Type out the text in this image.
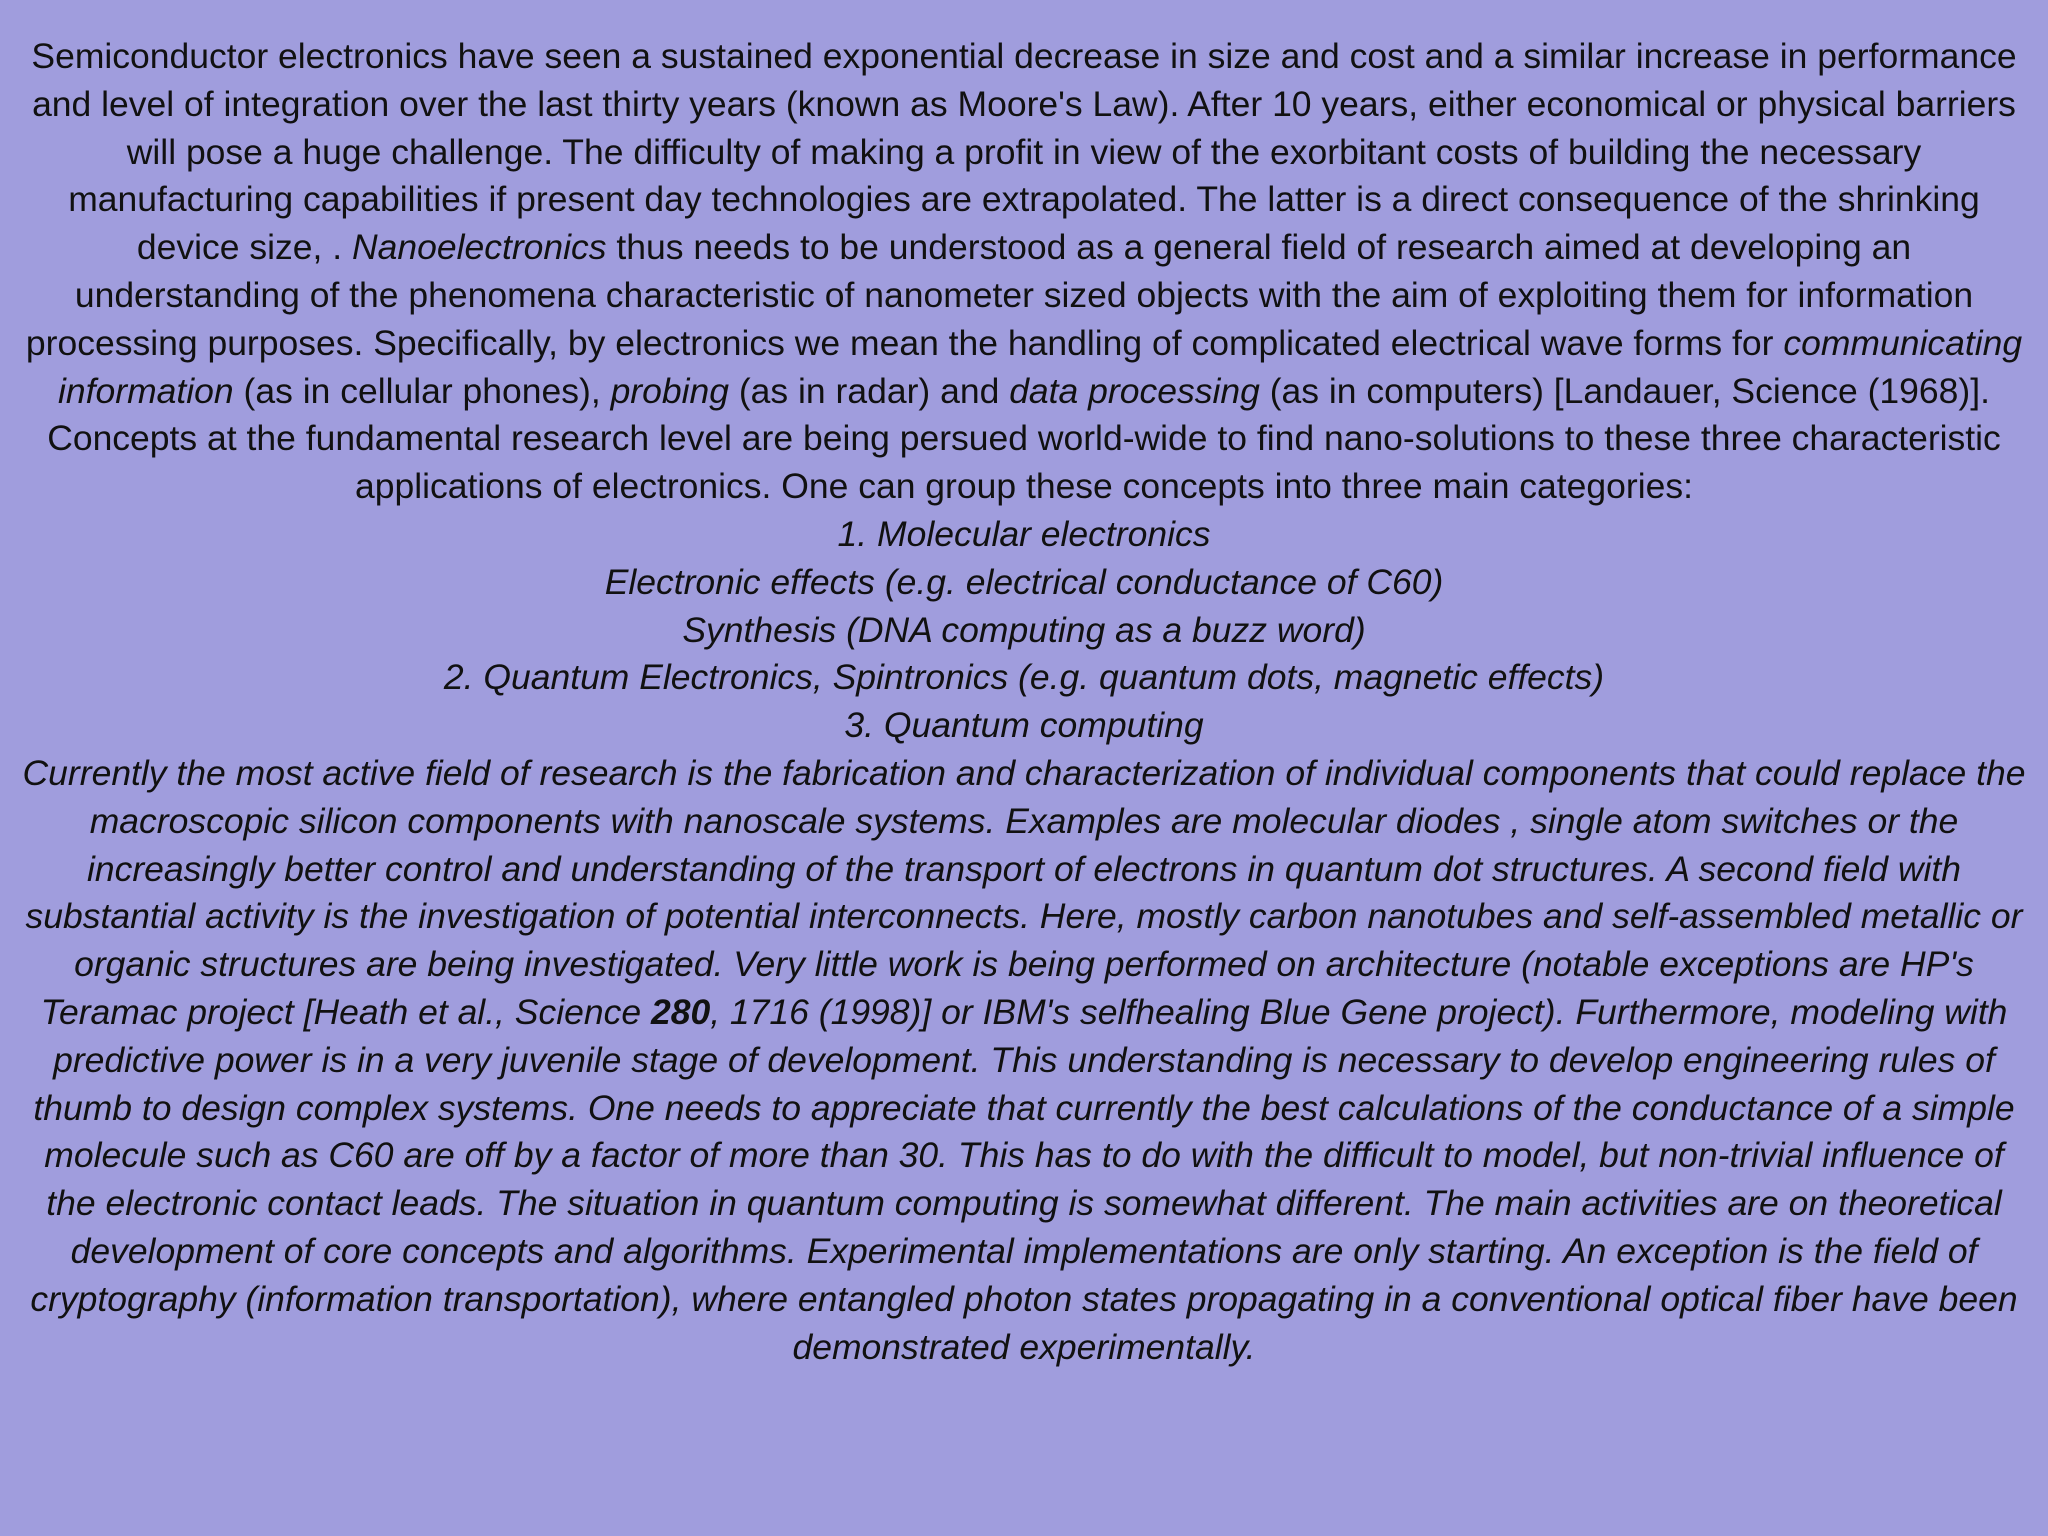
Semiconductor electronics have seen a sustained exponential decrease in size and cost and a similar increase in performance and level of integration over the last thirty years (known as Moore's Law). After 10 years, either economical or physical barriers will pose a huge challenge. The difficulty of making a profit in view of the exorbitant costs of building the necessary manufacturing capabilities if present day technologies are extrapolated. The latter is a direct consequence of the shrinking device size, . Nanoelectronics thus needs to be understood as a general field of research aimed at developing an understanding of the phenomena characteristic of nanometer sized objects with the aim of exploiting them for information processing purposes. Specifically, by electronics we mean the handling of complicated electrical wave forms for communicating information (as in cellular phones), probing (as in radar) and data processing (as in computers) [Landauer, Science (1968)]. Concepts at the fundamental research level are being persued world-wide to find nano-solutions to these three characteristic applications of electronics. One can group these concepts into three main categories:

1. Molecular electronics

Electronic effects (e.g. electrical conductance of C60)

Synthesis (DNA computing as a buzz word)

2. Quantum Electronics, Spintronics (e.g. quantum dots, magnetic effects)

3. Quantum computing

Currently the most active field of research is the fabrication and characterization of individual components that could replace the macroscopic silicon components with nanoscale systems. Examples are molecular diodes , single atom switches or the increasingly better control and understanding of the transport of electrons in quantum dot structures. A second field with substantial activity is the investigation of potential interconnects. Here, mostly carbon nanotubes and self-assembled metallic or organic structures are being investigated. Very little work is being performed on architecture (notable exceptions are HP's Teramac project [Heath et al., Science 280, 1716 (1998)] or IBM's selfhealing Blue Gene project). Furthermore, modeling with predictive power is in a very juvenile stage of development. This understanding is necessary to develop engineering rules of thumb to design complex systems. One needs to appreciate that currently the best calculations of the conductance of a simple molecule such as C60 are off by a factor of more than 30. This has to do with the difficult to model, but non-trivial influence of the electronic contact leads. The situation in quantum computing is somewhat different. The main activities are on theoretical development of core concepts and algorithms. Experimental implementations are only starting. An exception is the field of cryptography (information transportation), where entangled photon states propagating in a conventional optical fiber have been demonstrated experimentally.
